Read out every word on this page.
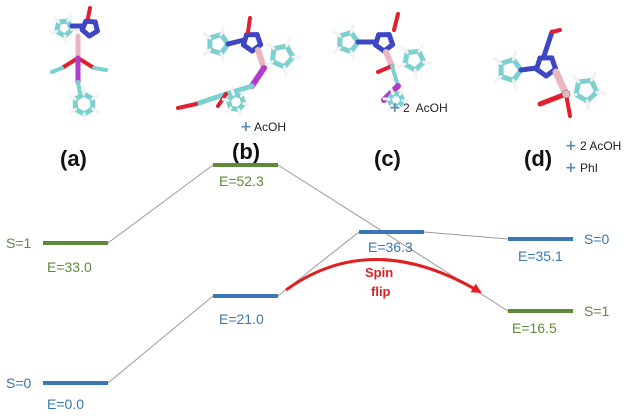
(a)	(b)	(c)	(d)
+ AcOH
+ 2  AcOH
+ 2 AcOH
+ PhI
E=33.0
E=0.0
E=52.3
E=21.0
E=36.3
E=35.1
E=16.5
S=1
S=0
S=0
S=1
Spin
flip
